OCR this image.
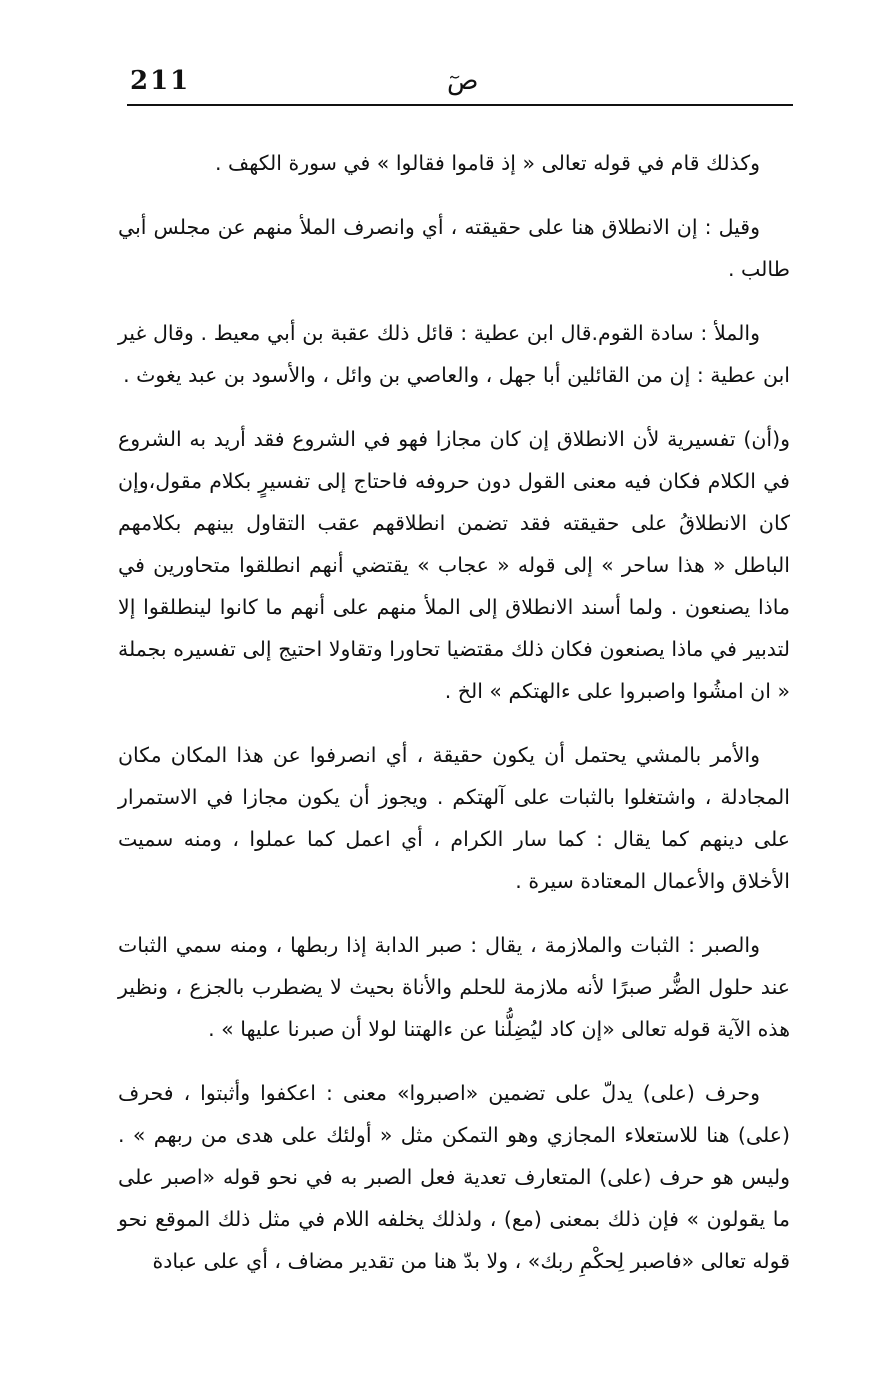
211	صٓ

وكذلك قام في قوله تعالى « إذ قاموا فقالوا » في سورة الكهف .

وقيل : إن الانطلاق هنا على حقيقته ، أي وانصرف الملأ منهم عن مجلس أبي طالب .

والملأ : سادة القوم.قال ابن عطية : قائل ذلك عقبة بن أبي معيط . وقال غير ابن عطية : إن من القائلين أبا جهل ، والعاصي بن وائل ، والأسود بن عبد يغوث .

و(أن) تفسيرية لأن الانطلاق إن كان مجازا فهو في الشروع فقد أريد به الشروع في الكلام فكان فيه معنى القول دون حروفه فاحتاج إلى تفسيرٍ بكلام مقول،وإن كان الانطلاقُ على حقيقته فقد تضمن انطلاقهم عقب التقاول بينهم بكلامهم الباطل « هذا ساحر » إلى قوله « عجاب » يقتضي أنهم انطلقوا متحاورين في ماذا يصنعون . ولما أسند الانطلاق إلى الملأ منهم على أنهم ما كانوا لينطلقوا إلا لتدبير في ماذا يصنعون فكان ذلك مقتضيا تحاورا وتقاولا احتيج إلى تفسيره بجملة « ان امشُوا واصبروا على ءالهتكم » الخ .

والأمر بالمشي يحتمل أن يكون حقيقة ، أي انصرفوا عن هذا المكان مكان المجادلة ، واشتغلوا بالثبات على آلهتكم . ويجوز أن يكون مجازا في الاستمرار على دينهم كما يقال : كما سار الكرام ، أي اعمل كما عملوا ، ومنه سميت الأخلاق والأعمال المعتادة سيرة .

والصبر : الثبات والملازمة ، يقال : صبر الدابة إذا ربطها ، ومنه سمي الثبات عند حلول الضُّر صبرًا لأنه ملازمة للحلم والأناة بحيث لا يضطرب بالجزع ، ونظير هذه الآية قوله تعالى «إن كاد ليُضِلُّنا عن ءالهتنا لولا أن صبرنا عليها » .

وحرف (على) يدلّ على تضمين «اصبروا» معنى : اعكفوا وأثبتوا ، فحرف (على) هنا للاستعلاء المجازي وهو التمكن مثل « أولئك على هدى من ربهم » . وليس هو حرف (على) المتعارف تعدية فعل الصبر به في نحو قوله «اصبر على ما يقولون » فإن ذلك بمعنى (مع) ، ولذلك يخلفه اللام في مثل ذلك الموقع نحو قوله تعالى «فاصبر لِحكْمِ ربك» ، ولا بدّ هنا من تقدير مضاف ، أي على عبادة
